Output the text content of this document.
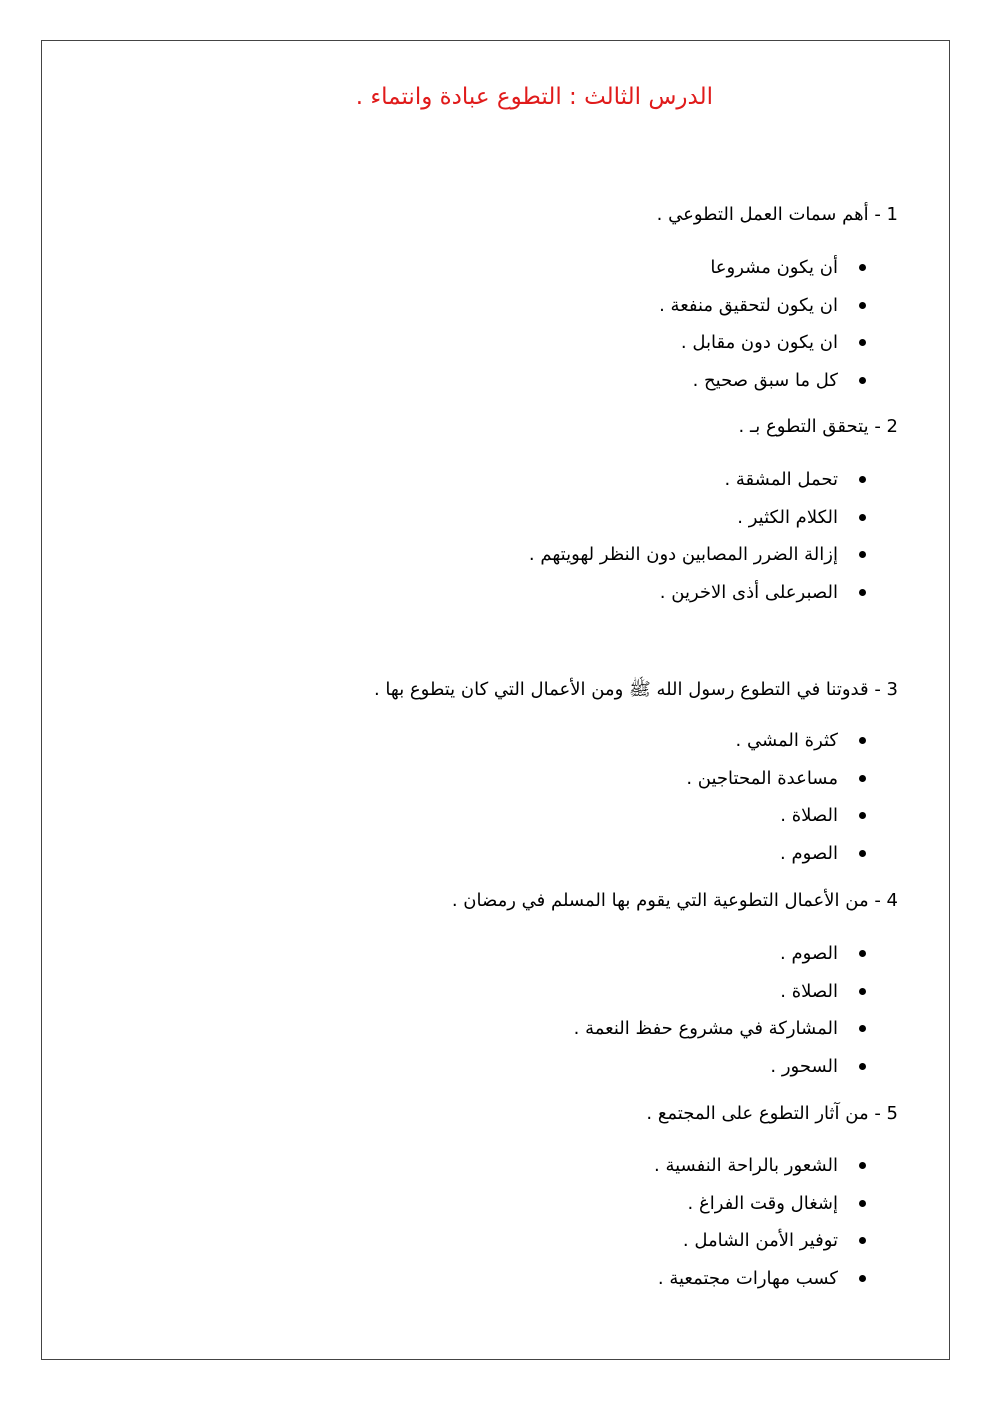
الدرس الثالث : التطوع عبادة وانتماء .

1 - أهم سمات العمل التطوعي .

أن يكون مشروعا
ان يكون لتحقيق منفعة .
ان يكون دون مقابل .
كل ما سبق صحيح .

2 - يتحقق التطوع بـ .

تحمل المشقة .
الكلام الكثير .
إزالة الضرر المصابين دون النظر لهويتهم .
الصبرعلى أذى الاخرين .

3 - قدوتنا في التطوع رسول الله ﷺ ومن الأعمال التي كان يتطوع بها .

كثرة المشي .
مساعدة المحتاجين .
الصلاة .
الصوم .

4 - من الأعمال التطوعية التي يقوم بها المسلم في رمضان .

الصوم .
الصلاة .
المشاركة في مشروع حفظ النعمة .
السحور .

5 - من آثار التطوع على المجتمع .

الشعور بالراحة النفسية .
إشغال وقت الفراغ .
توفير الأمن الشامل .
كسب مهارات مجتمعية .
